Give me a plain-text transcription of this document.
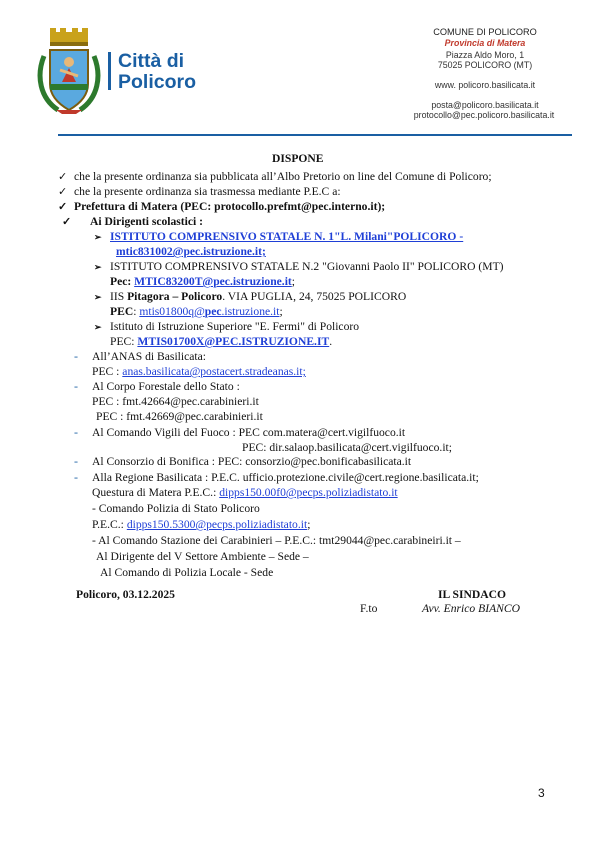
Città di
Policoro
COMUNE DI POLICORO
Provincia di Matera
Piazza Aldo Moro, 1
75025 POLICORO (MT)
www. policoro.basilicata.it
posta@policoro.basilicata.it
protocollo@pec.policoro.basilicata.it
DISPONE
✓ che la presente ordinanza sia pubblicata all’Albo Pretorio on line del Comune di Policoro;
✓ che la presente ordinanza sia trasmessa mediante P.E.C a:
✓ Prefettura di Matera (PEC: protocollo.prefmt@pec.interno.it);
✓ Ai Dirigenti scolastici :
➢ ISTITUTO COMPRENSIVO STATALE N. 1"L. Milani"POLICORO -
mtic831002@pec.istruzione.it;
➢ ISTITUTO COMPRENSIVO STATALE N.2 "Giovanni Paolo II" POLICORO (MT)
Pec: MTIC83200T@pec.istruzione.it;
➢ IIS Pitagora – Policoro. VIA PUGLIA, 24, 75025 POLICORO
PEC: mtis01800q@pec.istruzione.it;
➢ Istituto di Istruzione Superiore "E. Fermi" di Policoro
PEC: MTIS01700X@PEC.ISTRUZIONE.IT.
- All’ANAS di Basilicata:
PEC : anas.basilicata@postacert.stradeanas.it;
- Al Corpo Forestale dello Stato :
PEC : fmt.42664@pec.carabinieri.it
PEC : fmt.42669@pec.carabinieri.it
- Al Comando Vigili del Fuoco : PEC com.matera@cert.vigilfuoco.it
PEC: dir.salaop.basilicata@cert.vigilfuoco.it;
- Al Consorzio di Bonifica : PEC: consorzio@pec.bonificabasilicata.it
- Alla Regione Basilicata : P.E.C. ufficio.protezione.civile@cert.regione.basilicata.it;
Questura di Matera P.E.C.: dipps150.00f0@pecps.poliziadistato.it
- Comando Polizia di Stato Policoro
P.E.C.: dipps150.5300@pecps.poliziadistato.it;
- Al Comando Stazione dei Carabinieri – P.E.C.: tmt29044@pec.carabineiri.it –
Al Dirigente del V Settore Ambiente – Sede –
Al Comando di Polizia Locale - Sede
Policoro, 03.12.2025	IL SINDACO
F.to	Avv. Enrico BIANCO
3
